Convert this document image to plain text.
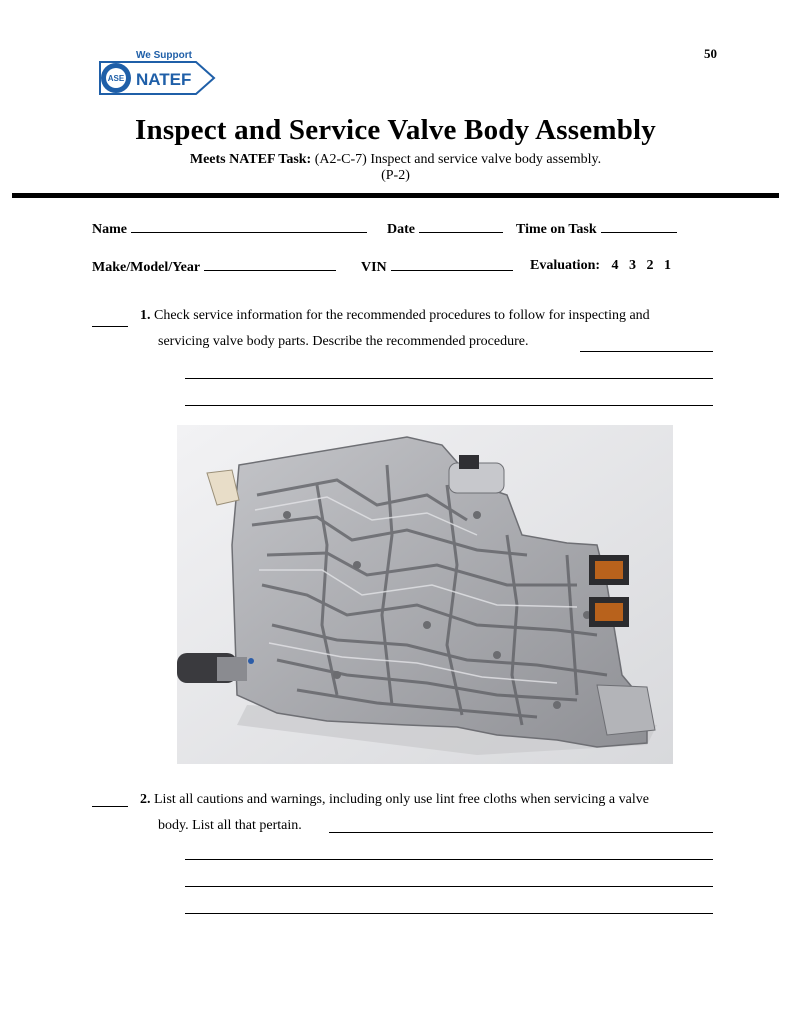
ASE
We Support
NATEF
50
Inspect and Service Valve Body Assembly
Meets NATEF Task: (A2-C-7) Inspect and service valve body assembly.
(P-2)
Name	Date	Time on Task
Make/Model/Year	VIN	Evaluation: 4   3   2   1
1. Check service information for the recommended procedures to follow for inspecting and
servicing valve body parts. Describe the recommended procedure.
2. List all cautions and warnings, including only use lint free cloths when servicing a valve
body. List all that pertain.
